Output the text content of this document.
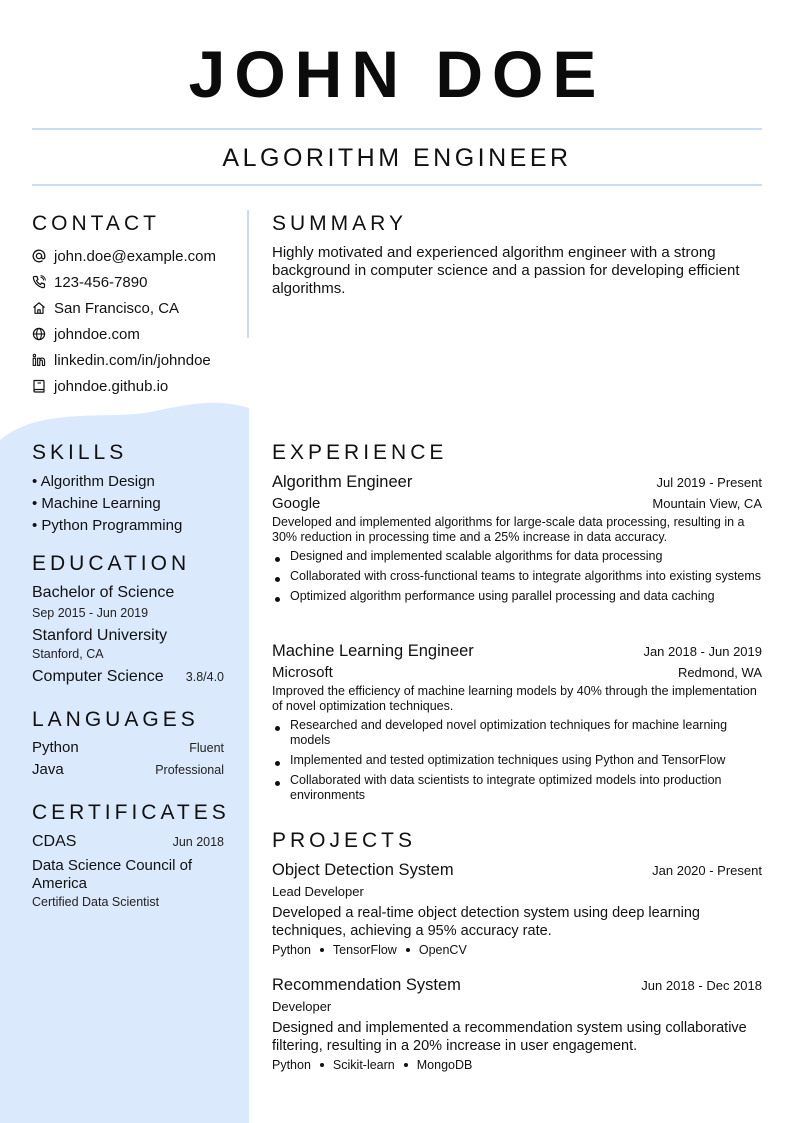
JOHN DOE
ALGORITHM ENGINEER
CONTACT
john.doe@example.com
123-456-7890
San Francisco, CA
johndoe.com
linkedin.com/in/johndoe
johndoe.github.io
SUMMARY
Highly motivated and experienced algorithm engineer with a strong background in computer science and a passion for developing efficient algorithms.
SKILLS
• Algorithm Design
• Machine Learning
• Python Programming
EDUCATION
Bachelor of Science
Sep 2015 - Jun 2019
Stanford University
Stanford, CA
Computer Science 3.8/4.0
LANGUAGES
Python	Fluent
Java	Professional
CERTIFICATES
CDAS	Jun 2018
Data Science Council of America
Certified Data Scientist
EXPERIENCE
Algorithm Engineer	Jul 2019 - Present
Google	Mountain View, CA
Developed and implemented algorithms for large-scale data processing, resulting in a 30% reduction in processing time and a 25% increase in data accuracy.
Designed and implemented scalable algorithms for data processing
Collaborated with cross-functional teams to integrate algorithms into existing systems
Optimized algorithm performance using parallel processing and data caching
Machine Learning Engineer	Jan 2018 - Jun 2019
Microsoft	Redmond, WA
Improved the efficiency of machine learning models by 40% through the implementation of novel optimization techniques.
Researched and developed novel optimization techniques for machine learning models
Implemented and tested optimization techniques using Python and TensorFlow
Collaborated with data scientists to integrate optimized models into production environments
PROJECTS
Object Detection System	Jan 2020 - Present
Lead Developer
Developed a real-time object detection system using deep learning techniques, achieving a 95% accuracy rate.
Python TensorFlow OpenCV
Recommendation System	Jun 2018 - Dec 2018
Developer
Designed and implemented a recommendation system using collaborative filtering, resulting in a 20% increase in user engagement.
Python Scikit-learn MongoDB
